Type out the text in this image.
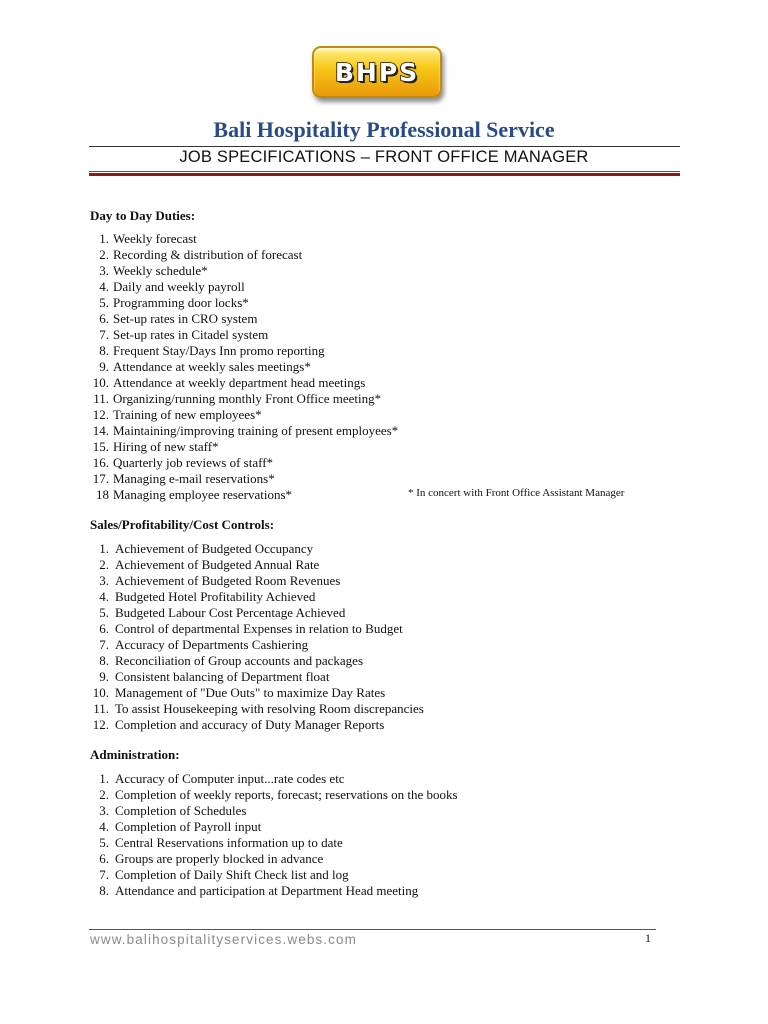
BHPS
Bali Hospitality Professional Service
JOB SPECIFICATIONS – FRONT OFFICE MANAGER
Day to Day Duties:
1. Weekly forecast
2. Recording & distribution of forecast
3. Weekly schedule*
4. Daily and weekly payroll
5. Programming door locks*
6. Set-up rates in CRO system
7. Set-up rates in Citadel system
8. Frequent Stay/Days Inn promo reporting
9. Attendance at weekly sales meetings*
10. Attendance at weekly department head meetings
11. Organizing/running monthly Front Office meeting*
12. Training of new employees*
14. Maintaining/improving training of present employees*
15. Hiring of new staff*
16. Quarterly job reviews of staff*
17. Managing e-mail reservations*
18 Managing employee reservations*	* In concert with Front Office Assistant Manager
Sales/Profitability/Cost Controls:
1. Achievement of Budgeted Occupancy
2. Achievement of Budgeted Annual Rate
3. Achievement of Budgeted Room Revenues
4. Budgeted Hotel Profitability Achieved
5. Budgeted Labour Cost Percentage Achieved
6. Control of departmental Expenses in relation to Budget
7. Accuracy of Departments Cashiering
8. Reconciliation of Group accounts and packages
9. Consistent balancing of Department float
10. Management of "Due Outs" to maximize Day Rates
11. To assist Housekeeping with resolving Room discrepancies
12. Completion and accuracy of Duty Manager Reports
Administration:
1. Accuracy of Computer input...rate codes etc
2. Completion of weekly reports, forecast; reservations on the books
3. Completion of Schedules
4. Completion of Payroll input
5. Central Reservations information up to date
6. Groups are properly blocked in advance
7. Completion of Daily Shift Check list and log
8. Attendance and participation at Department Head meeting
www.balihospitalityservices.webs.com	1
